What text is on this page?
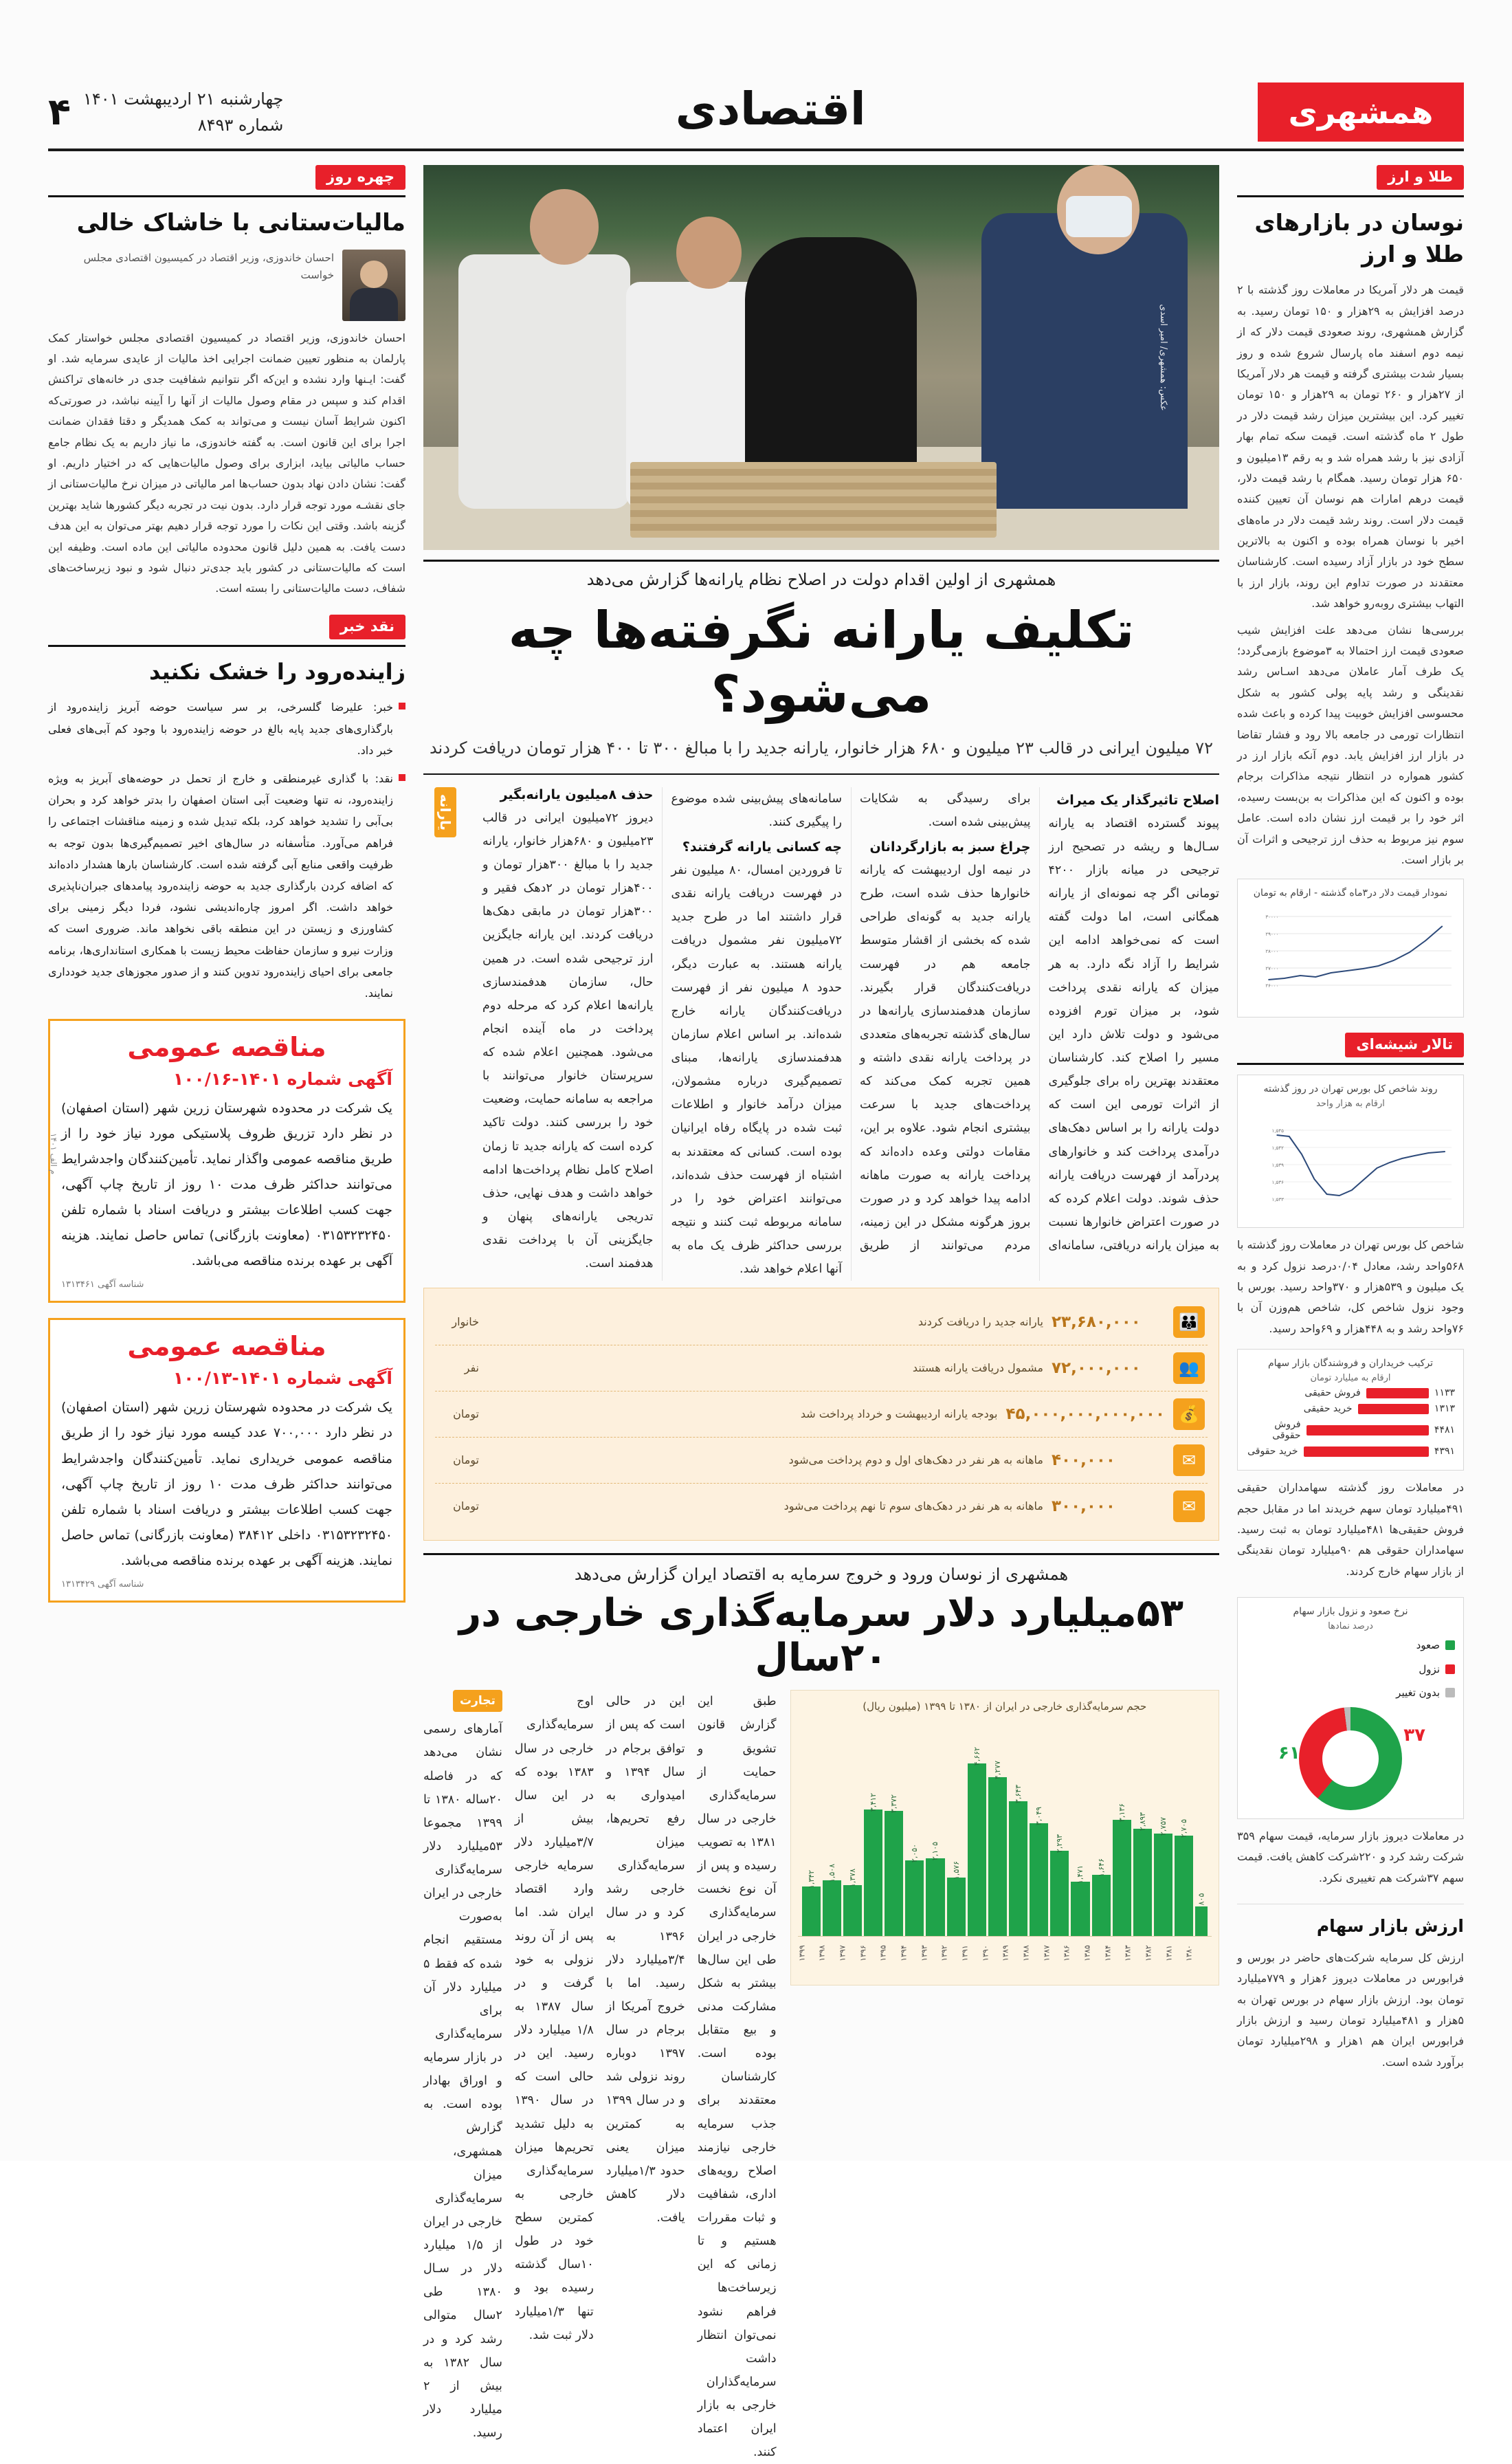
همشهری
اقتصادی
چهارشنبه ۲۱ اردیبهشت ۱۴۰۱
شماره ۸۴۹۳
۴
طلا و ارز
نوسان در بازارهای طلا و ارز
قیمت هر دلار آمریکا در معاملات روز گذشته با ۲ درصد افزایش به ۲۹هزار و ۱۵۰ تومان رسید. به گزارش همشهری، روند صعودی قیمت دلار که از نیمه دوم اسفند ماه پارسال شروع شده و روز بسیار شدت بیشتری گرفته و قیمت هر دلار آمریکا از ۲۷هزار و ۲۶۰ تومان به ۲۹هزار و ۱۵۰ تومان تغییر کرد. این بیشترین میزان رشد قیمت دلار در طول ۲ ماه گذشته است. قیمت سکه تمام بهار آزادی نیز با رشد همراه شد و به رقم ۱۳میلیون و ۶۵۰ هزار تومان رسید. همگام با رشد قیمت دلار، قیمت درهم امارات هم نوسان آن تعیین کننده قیمت دلار است. روند رشد قیمت دلار در ماه‌های اخیر با نوسان همراه بوده و اکنون به بالاترین سطح خود در بازار آزاد رسیده است. کارشناسان معتقدند در صورت تداوم این روند، بازار ارز با التهاب بیشتری روبه‌رو خواهد شد.
بررسی‌ها نشان می‌دهد علت افزایش شیب صعودی قیمت ارز احتمالا به ۳موضوع بازمی‌گردد؛ یک طرف آمار عاملان می‌دهد اسـاس رشد نقدینگی و رشد پایه پولی کشور به شکل محسوسی افزایش خوبیت پیدا کرده و باعث شده انتظارات تورمی در جامعه بالا رود و فشار تقاضا در بازار ارز افزایش یابد. دوم آنکه بازار ارز در کشور همواره در انتظار نتیجه مذاکرات برجام بوده و اکنون که این مذاکرات به بن‌بست رسیده، اثر خود را بر قیمت ارز نشان داده است. عامل سوم نیز مربوط به حذف ارز ترجیحی و اثرات آن بر بازار است.
نمودار قیمت دلار در۳ماه گذشته - ارقام به تومان
۳۰۰۰۰
۲۹۰۰۰
۲۸۰۰۰
۲۷۰۰۰
۲۶۰۰۰
تالار شیشه‌ای
روند شاخص کل بورس تهران در روز گذشته
ارقام به هزار واحد
۱,۵۴۵
۱,۵۴۲
۱,۵۳۹
۱,۵۳۶
۱,۵۳۳
شاخص کل بورس تهران در معاملات روز گذشته با ۵۶۸واحد رشد، معادل ۰/۰۴درصد نزول کرد و به یک میلیون و ۵۳۹هزار و ۳۷۰واحد رسید. بورس با وجود نزول شاخص کل، شاخص هم‌وزن آن با ۷۶واحد رشد و به ۴۴۸هزار و ۶۹واحد رسید.
ترکیب خریداران و فروشندگان بازار سهام
ارقام به میلیارد تومان
۱۱۳۳
فروش حقیقی
۱۳۱۳
خرید حقیقی
۴۴۸۱
فروش حقوقی
۴۳۹۱
خرید حقوقی
در معاملات روز گذشته سهامداران حقیقی ۴۹۱میلیارد تومان سهم خریدند اما در مقابل حجم فروش حقیقی‌ها ۴۸۱میلیارد تومان به ثبت رسید. سهامداران حقوقی هم ۹۰میلیارد تومان نقدینگی از بازار سهام خارج کردند.
نرخ صعود و نزول بازار سهام
درصد نمادها
صعود
نزول
بدون تغییر
۶۱
۳۷
در معاملات دیروز بازار سرمایه، قیمت سهام ۳۵۹ شرکت رشد کرد و ۲۲۰شرکت کاهش یافت. قیمت سهم ۳۷شرکت هم تغییری نکرد.
ارزش بازار سهام
ارزش کل سرمایه شرکت‌های حاضر در بورس و فرابورس در معاملات دیروز ۶هزار و ۷۷۹میلیارد تومان بود. ارزش بازار سهام در بورس تهران به ۵هزار و ۴۸۱میلیارد تومان رسید و ارزش بازار فرابورس ایران هم ۱هزار و ۲۹۸میلیارد تومان برآورد شده است.
عکس: همشهری/ امیر اسدی
همشهری از اولین اقدام دولت در اصلاح نظام یارانه‌ها گزارش می‌دهد
تکلیف یارانه نگرفته‌ها چه می‌شود؟
۷۲ میلیون ایرانی در قالب ۲۳ میلیون و ۶۸۰ هزار خانوار، یارانه جدید را با مبالغ ۳۰۰ تا ۴۰۰ هزار تومان دریافت کردند
اصلاح تاثیرگذار یک میراث
پیوند گسترده اقتصاد به یارانه سـال‌ها و ریشه در تصحیح ارز ترجیحی در میانه بازار ۴۲۰۰ تومانی اگر چه نمونه‌ای از یارانه همگانی است، اما دولت گفته است که نمی‌خواهد ادامه این شرایط را آزاد نگه دارد. به هر میزان که یارانه نقدی پرداخت شود، بر میزان تورم افزوده می‌شود و دولت تلاش دارد این مسیر را اصلاح کند. کارشناسان معتقدند بهترین راه برای جلوگیری از اثرات تورمی این است که دولت یارانه را بر اساس دهک‌های درآمدی پرداخت کند و خانوارهای پردرآمد از فهرست دریافت یارانه حذف شوند. دولت اعلام کرده که در صورت اعتراض خانوارها نسبت به میزان یارانه دریافتی، سامانه‌ای برای رسیدگی به شکایات پیش‌بینی شده است.
چراغ سبز به بازارگردانان
در نیمه اول اردیبهشت که یارانه خانوارها حذف شده است، طرح یارانه جدید به گونه‌ای طراحی شده که بخشی از اقشار متوسط جامعه هم در فهرست دریافت‌کنندگان قرار بگیرند. سازمان هدفمندسازی یارانه‌ها در سال‌های گذشته تجربه‌های متعددی در پرداخت یارانه نقدی داشته و همین تجربه کمک می‌کند که پرداخت‌های جدید با سرعت بیشتری انجام شود. علاوه بر این، مقامات دولتی وعده داده‌اند که پرداخت یارانه به صورت ماهانه ادامه پیدا خواهد کرد و در صورت بروز هرگونه مشکل در این زمینه، مردم می‌توانند از طریق سامانه‌های پیش‌بینی شده موضوع را پیگیری کنند.
چه کسانی یارانه گرفتند؟
تا فروردین امسال، ۸۰ میلیون نفر در فهرست دریافت یارانه نقدی قرار داشتند اما در طرح جدید ۷۲میلیون نفر مشمول دریافت یارانه هستند. به عبارت دیگر، حدود ۸ میلیون نفر از فهرست دریافت‌کنندگان یارانه خارج شده‌اند. بر اساس اعلام سازمان هدفمندسازی یارانه‌ها، مبنای تصمیم‌گیری درباره مشمولان، میزان درآمد خانوار و اطلاعات ثبت شده در پایگاه رفاه ایرانیان بوده است. کسانی که معتقدند به اشتباه از فهرست حذف شده‌اند، می‌توانند اعتراض خود را در سامانه مربوطه ثبت کنند و نتیجه بررسی حداکثر ظرف یک ماه به آنها اعلام خواهد شد.
حذف ۸میلیون یارانه‌بگیر
دیروز ۷۲میلیون ایرانی در قالب ۲۳میلیون و ۶۸۰هزار خانوار، یارانه جدید را با مبالغ ۳۰۰هزار تومان و ۴۰۰هزار تومان در ۲دهک فقیر و ۳۰۰هزار تومان در مابقی دهک‌ها دریافت کردند. این یارانه جایگزین ارز ترجیحی شده است. در همین حال، سازمان هدفمندسازی یارانه‌ها اعلام کرد که مرحله دوم پرداخت در ماه آینده انجام می‌شود. همچنین اعلام شده که سرپرستان خانوار می‌توانند با مراجعه به سامانه حمایت، وضعیت خود را بررسی کنند. دولت تاکید کرده است که یارانه جدید تا زمان اصلاح کامل نظام پرداخت‌ها ادامه خواهد داشت و هدف نهایی، حذف تدریجی یارانه‌های پنهان و جایگزینی آن با پرداخت نقدی هدفمند است.
یارانه
👪
۲۳,۶۸۰,۰۰۰
یارانه جدید را دریافت کردند
خانوار
👥
۷۲,۰۰۰,۰۰۰
مشمول دریافت یارانه هستند
نفر
💰
۴۵,۰۰۰,۰۰۰,۰۰۰,۰۰۰
بودجه یارانه اردیبهشت و خرداد پرداخت شد
تومان
✉
۴۰۰,۰۰۰
ماهانه به هر نفر در دهک‌های اول و دوم پرداخت می‌شود
تومان
✉
۳۰۰,۰۰۰
ماهانه به هر نفر در دهک‌های سوم تا نهم پرداخت می‌شود
تومان
همشهری از نوسان ورود و خروج سرمایه به اقتصاد ایران گزارش می‌دهد
۵۳میلیارد دلار سرمایه‌گذاری خارجی در ۲۰سال
حجم سرمایه‌گذاری خارجی در ایران از ۱۳۸۰ تا ۱۳۹۹ (میلیون ریال)
۸۰۵
۲,۷۰۵
۲,۷۵۷
۲,۸۹۳
۳,۱۳۶
۱,۶۴۶
۱,۴۷۱
۲,۲۹۳
۳,۰۴۹
۳,۶۴۳
۴,۲۷۷
۴,۶۶۲
۱,۵۷۶
۲,۱۰۵
۲,۰۵۰
۳,۳۷۲
۳,۴۱۲
۱,۳۷۸
۱,۵۰۸
۱,۳۴۲
۱۳۸۰
۱۳۸۱
۱۳۸۲
۱۳۸۳
۱۳۸۴
۱۳۸۵
۱۳۸۶
۱۳۸۷
۱۳۸۸
۱۳۸۹
۱۳۹۰
۱۳۹۱
۱۳۹۲
۱۳۹۳
۱۳۹۴
۱۳۹۵
۱۳۹۶
۱۳۹۷
۱۳۹۸
۱۳۹۹
طبق این گزارش قانون تشویق و حمایت از سرمایه‌گذاری خارجی در سال ۱۳۸۱ به تصویب رسیده و پس از آن نوع نخست سرمایه‌گذاری خارجی در ایران طی این سال‌ها بیشتر به شکل مشارکت مدنی و بیع متقابل بوده است. کارشناسان معتقدند برای جذب سرمایه خارجی نیازمند اصلاح رویه‌های اداری، شفافیت و ثبات مقررات هستیم و تا زمانی که این زیرساخت‌ها فراهم نشود نمی‌توان انتظار داشت سرمایه‌گذاران خارجی به بازار ایران اعتماد کنند.
این در حالی است که پس از توافق برجام در سال ۱۳۹۴ و امیدواری به رفع تحریم‌ها، میزان سرمایه‌گذاری خارجی رشد کرد و در سال ۱۳۹۶ به ۳/۴میلیارد دلار رسید. اما با خروج آمریکا از برجام در سال ۱۳۹۷ دوباره روند نزولی شد و در سال ۱۳۹۹ به کمترین میزان یعنی حدود ۱/۳میلیارد دلار کاهش یافت.
اوج سرمایه‌گذاری خارجی در سال ۱۳۸۳ بوده که در این سال بیش از ۳/۷میلیارد دلار سرمایه خارجی وارد اقتصاد ایران شد. اما پس از آن روند نزولی به خود گرفت و در سال ۱۳۸۷ به ۱/۸ میلیارد دلار رسید. این در حالی است که در سال ۱۳۹۰ به دلیل تشدید تحریم‌ها میزان سرمایه‌گذاری خارجی به کمترین سطح خود در طول ۱۰سال گذشته رسیده بود و تنها ۱/۳میلیارد دلار ثبت شد.
تجارت
آمارهای رسمی نشان می‌دهد که در فاصله ۲۰ساله ۱۳۸۰ تا ۱۳۹۹ مجموعا ۵۳میلیارد دلار سرمایه‌گذاری خارجی در ایران به‌صورت مستقیم انجام شده که فقط ۵ میلیارد دلار آن برای سرمایه‌گذاری در بازار سرمایه و اوراق بهادار بوده است. به گزارش همشهری، میزان سرمایه‌گذاری خارجی در ایران از ۱/۵ میلیارد دلار در سـال ۱۳۸۰ طی ۲سال متوالی رشد کرد و در سال ۱۳۸۲ به بیش از ۲ میلیارد دلار رسید.
چهره روز
مالیات‌ستانی با خاشاک خالی
احسان خاندوزی، وزیر اقتصاد در کمیسیون اقتصادی مجلس خواست
احسان خاندوزی، وزیر اقتصاد در کمیسیون اقتصادی مجلس خواستار کمک پارلمان به منظور تعیین ضمانت اجرایی اخذ مالیات از عایدی سرمایه شد. او گفت: ایـنها وارد نشده و این‌که اگر نتوانیم شفافیت جدی در خانه‌های تراکنش اقدام کند و سپس در مقام وصول مالیات از آنها را آیینه نباشد، در صورتی‌که اکنون شرایط آسان نیست و می‌تواند به کمک همدیگر و دقتا فقدان ضمانت اجرا برای این قانون است. به گفته خاندوزی، ما نیاز داریم به یک نظام جامع حساب مالیاتی بیاید، ابزاری برای وصول مالیات‌هایی که در اختیار داریم. او گفت: نشان دادن نهاد بدون حساب‌ها امر مالیاتی در میزان نرخ مالیات‌ستانی از جای نقشـه مورد توجه قرار دارد. بدون نیت در تجربه دیگر کشورها شاید بهترین گزینه باشد. وقتی این نکات را مورد توجه قرار دهیم بهتر می‌توان به این هدف دست یافت. به همین دلیل قانون محدوده مالیاتی این ماده است. وظیفه این است که مالیات‌ستانی در کشور باید جدی‌تر دنبال شود و نبود زیرساخت‌های شفاف، دست مالیات‌ستانی را بسته است.
نقد خبر
زاینده‌رود را خشک نکنید
خبر: علیرضا گلسرخی، بر سر سیاست حوضه آبریز زاینده‌رود از بارگذاری‌های جدید پایه بالغ در حوضه زاینده‌رود با وجود کم آبی‌های فعلی خبر داد.
نقد: با گذاری غیرمنطقی و خارج از تحمل در حوضه‌های آبریز به ویژه زاینده‌رود، نه تنها وضعیت آبی استان اصفهان را بدتر خواهد کرد و بحران بی‌آبی را تشدید خواهد کرد، بلکه تبدیل شده و زمینه مناقشات اجتماعی را فراهم می‌آورد. متأسفانه در سال‌های اخیر تصمیم‌گیری‌ها بدون توجه به ظرفیت واقعی منابع آبی گرفته شده است. کارشناسان بارها هشدار داده‌اند که اضافه کردن بارگذاری جدید به حوضه زاینده‌رود پیامدهای جبران‌ناپذیری خواهد داشت. اگر امروز چاره‌اندیشی نشود، فردا دیگر زمینی برای کشاورزی و زیستن در این منطقه باقی نخواهد ماند. ضروری است که وزارت نیرو و سازمان حفاظت محیط زیست با همکاری استانداری‌ها، برنامه جامعی برای احیای زاینده‌رود تدوین کنند و از صدور مجوزهای جدید خودداری نمایند.
م الف ۱۴۰۱
مناقصه عمومی
آگهی شماره ۱۴۰۱-۱۰۰/۱۶
یک شرکت در محدوده شهرستان زرین شهر (استان اصفهان) در نظر دارد تزریق ظروف پلاستیکی مورد نیاز خود را از طریق مناقصه عمومی واگذار نماید. تأمین‌کنندگان واجدشرایط می‌توانند حداکثر ظرف مدت ۱۰ روز از تاریخ چاپ آگهی، جهت کسب اطلاعات بیشتر و دریافت اسناد با شماره تلفن ۰۳۱۵۳۲۳۲۴۵۰ (معاونت بازرگانی) تماس حاصل نمایند. هزینه آگهی بر عهده برنده مناقصه می‌باشد.
شناسه آگهی ۱۳۱۳۴۶۱
مناقصه عمومی
آگهی شماره ۱۴۰۱-۱۰۰/۱۳
یک شرکت در محدوده شهرستان زرین شهر (استان اصفهان) در نظر دارد ۷۰۰,۰۰۰ عدد کیسه مورد نیاز خود را از طریق مناقصه عمومی خریداری نماید. تأمین‌کنندگان واجدشرایط می‌توانند حداکثر ظرف مدت ۱۰ روز از تاریخ چاپ آگهی، جهت کسب اطلاعات بیشتر و دریافت اسناد با شماره تلفن ۰۳۱۵۳۲۳۲۴۵۰ داخلی ۳۸۴۱۲ (معاونت بازرگانی) تماس حاصل نمایند. هزینه آگهی بر عهده برنده مناقصه می‌باشد.
شناسه آگهی ۱۳۱۳۴۲۹
